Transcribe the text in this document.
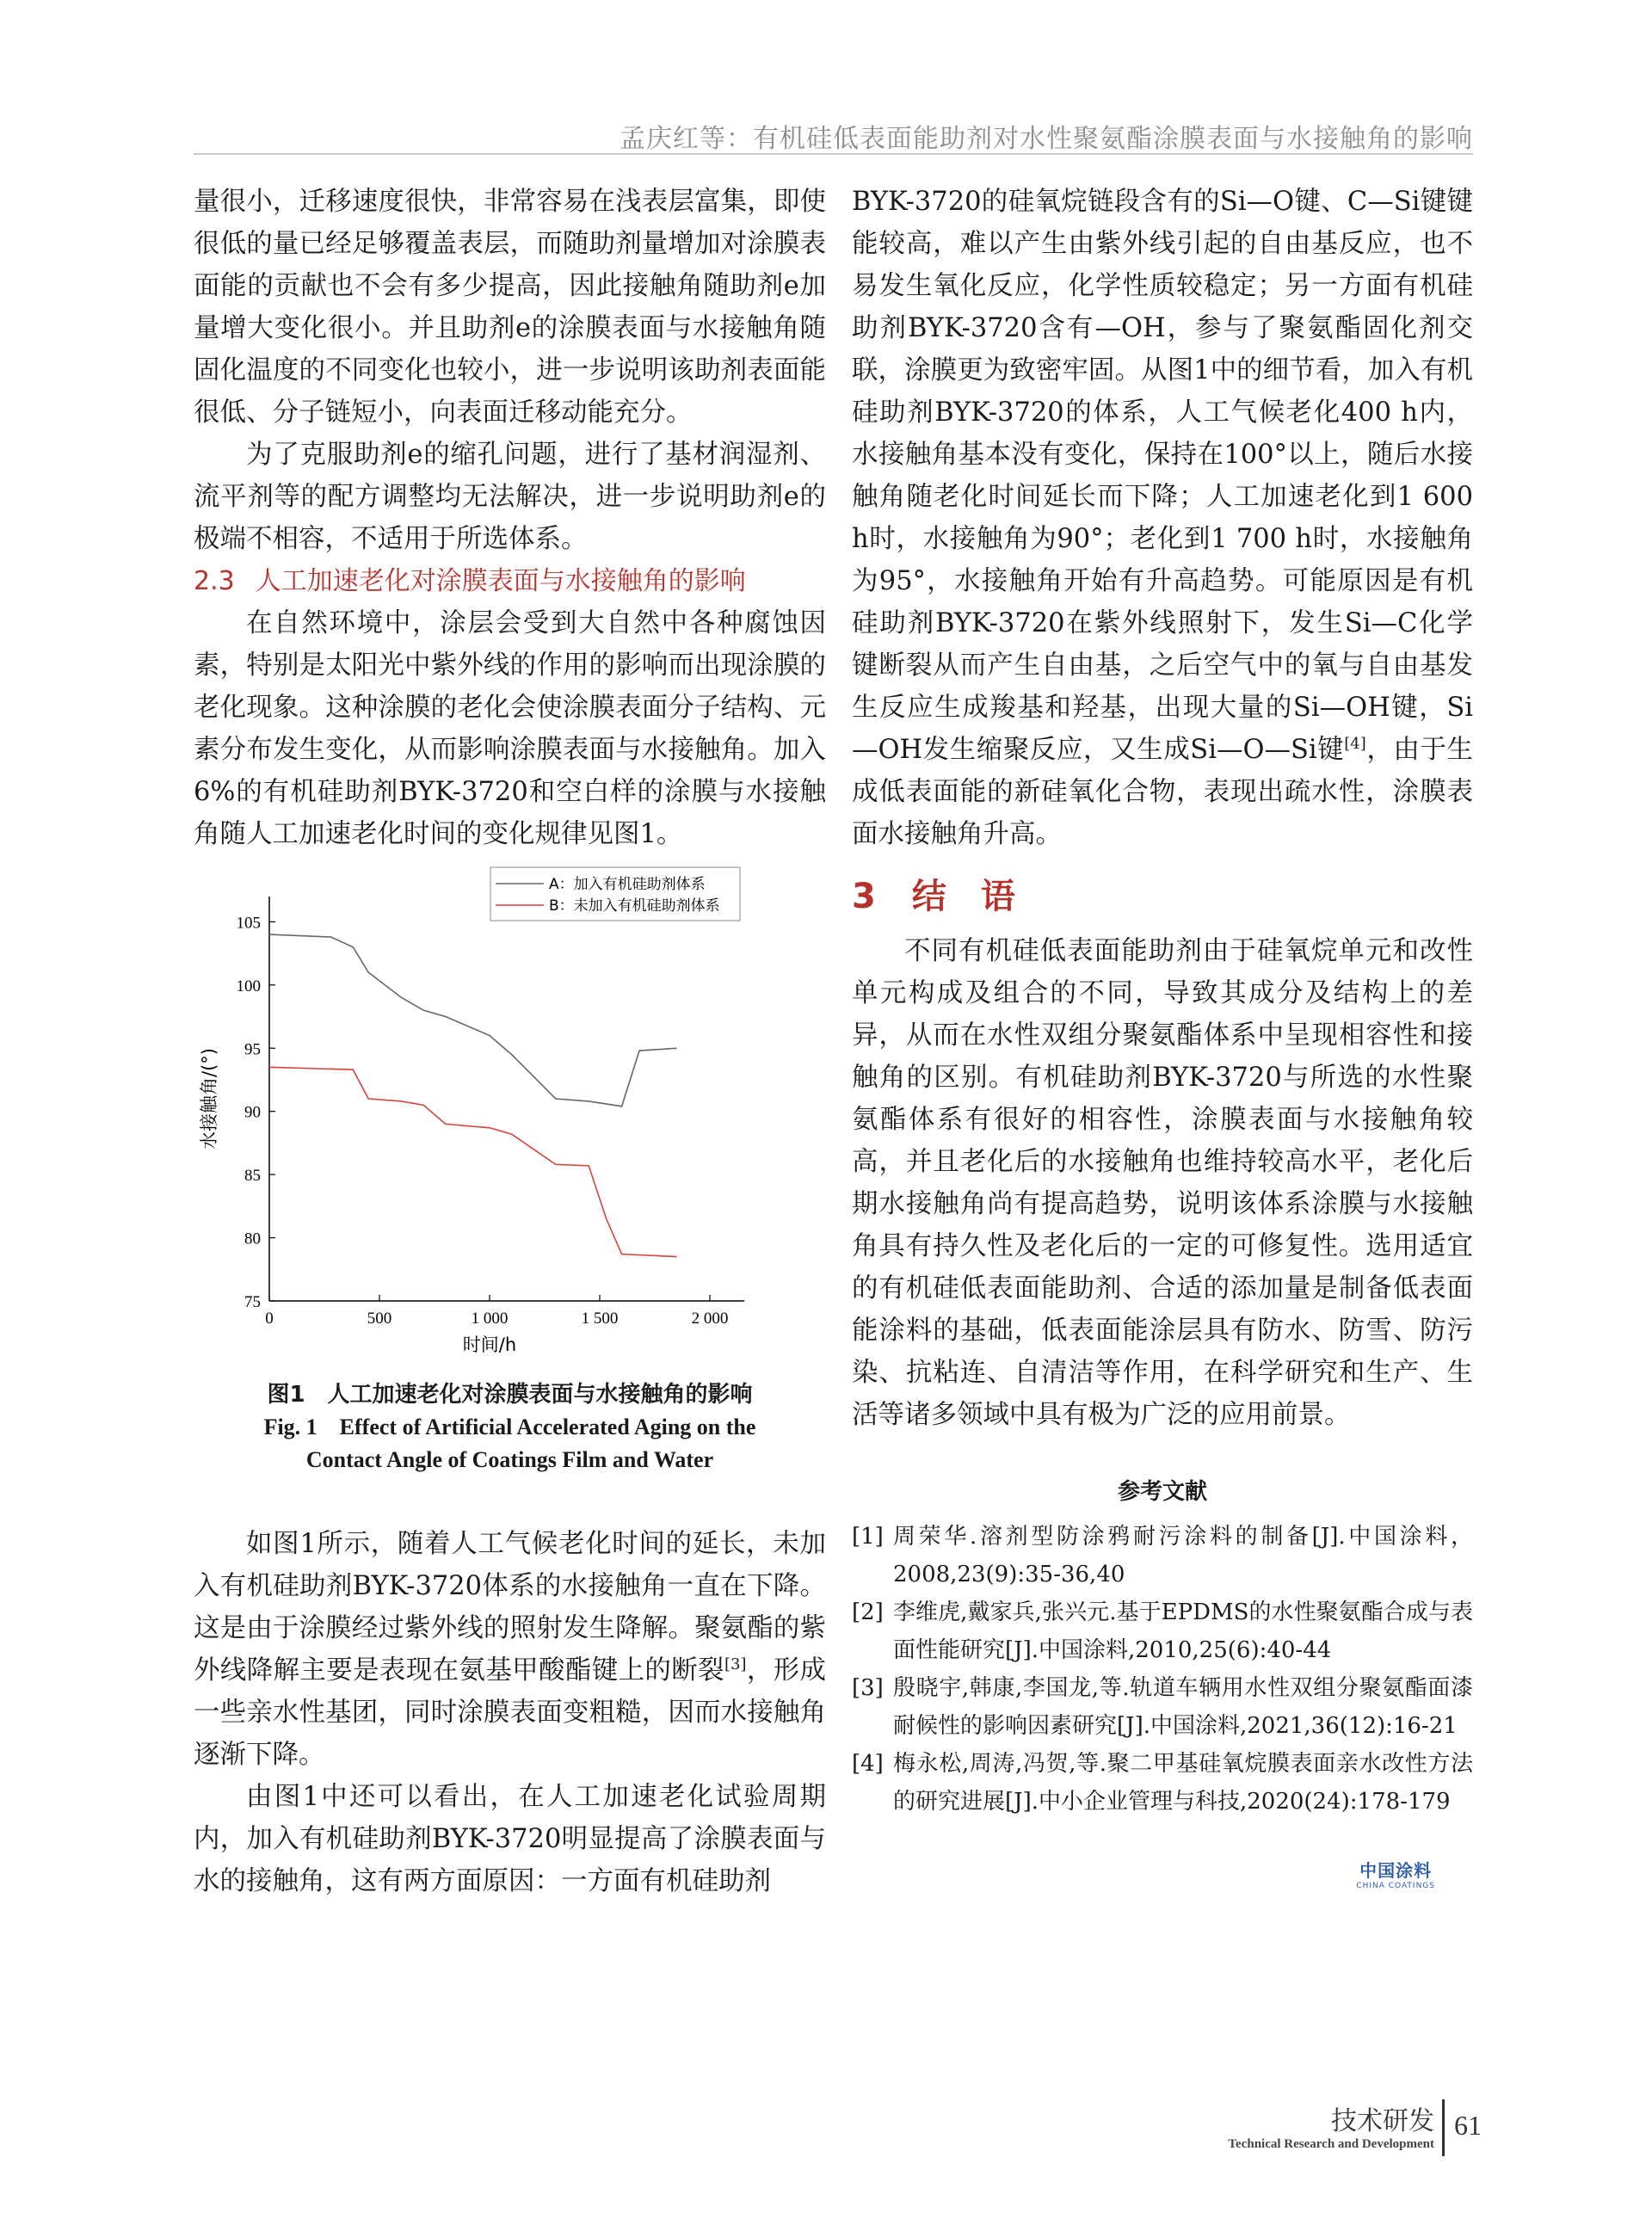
孟庆红等：有机硅低表面能助剂对水性聚氨酯涂膜表面与水接触角的影响

量很小，迁移速度很快，非常容易在浅表层富集，即使很低的量已经足够覆盖表层，而随助剂量增加对涂膜表面能的贡献也不会有多少提高，因此接触角随助剂e加量增大变化很小。并且助剂e的涂膜表面与水接触角随固化温度的不同变化也较小，进一步说明该助剂表面能很低、分子链短小，向表面迁移动能充分。

为了克服助剂e的缩孔问题，进行了基材润湿剂、流平剂等的配方调整均无法解决，进一步说明助剂e的极端不相容，不适用于所选体系。

2.3 人工加速老化对涂膜表面与水接触角的影响

在自然环境中，涂层会受到大自然中各种腐蚀因素，特别是太阳光中紫外线的作用的影响而出现涂膜的老化现象。这种涂膜的老化会使涂膜表面分子结构、元素分布发生变化，从而影响涂膜表面与水接触角。加入6%的有机硅助剂BYK-3720和空白样的涂膜与水接触角随人工加速老化时间的变化规律见图1。

75
80
85
90
95
100
105
0	500	1 000	1 500	2 000
时间/h
水接触角/(°)
A：加入有机硅助剂体系
B：未加入有机硅助剂体系
图1　人工加速老化对涂膜表面与水接触角的影响
Fig. 1　Effect of Artificial Accelerated Aging on the Contact Angle of Coatings Film and Water

如图1所示，随着人工气候老化时间的延长，未加入有机硅助剂BYK-3720体系的水接触角一直在下降。这是由于涂膜经过紫外线的照射发生降解。聚氨酯的紫外线降解主要是表现在氨基甲酸酯键上的断裂[3]，形成一些亲水性基团，同时涂膜表面变粗糙，因而水接触角逐渐下降。

由图1中还可以看出，在人工加速老化试验周期内，加入有机硅助剂BYK-3720明显提高了涂膜表面与水的接触角，这有两方面原因：一方面有机硅助剂

BYK-3720的硅氧烷链段含有的Si—O键、C—Si键键能较高，难以产生由紫外线引起的自由基反应，也不易发生氧化反应，化学性质较稳定；另一方面有机硅助剂BYK-3720含有—OH，参与了聚氨酯固化剂交联，涂膜更为致密牢固。从图1中的细节看，加入有机硅助剂BYK-3720的体系，人工气候老化400 h内，水接触角基本没有变化，保持在100°以上，随后水接触角随老化时间延长而下降；人工加速老化到1 600 h时，水接触角为90°；老化到1 700 h时，水接触角为95°，水接触角开始有升高趋势。可能原因是有机硅助剂BYK-3720在紫外线照射下，发生Si—C化学键断裂从而产生自由基，之后空气中的氧与自由基发生反应生成羧基和羟基，出现大量的Si—OH键，Si—OH发生缩聚反应，又生成Si—O—Si键[4]，由于生成低表面能的新硅氧化合物，表现出疏水性，涂膜表面水接触角升高。

3 结 语

不同有机硅低表面能助剂由于硅氧烷单元和改性单元构成及组合的不同，导致其成分及结构上的差异，从而在水性双组分聚氨酯体系中呈现相容性和接触角的区别。有机硅助剂BYK-3720与所选的水性聚氨酯体系有很好的相容性，涂膜表面与水接触角较高，并且老化后的水接触角也维持较高水平，老化后期水接触角尚有提高趋势，说明该体系涂膜与水接触角具有持久性及老化后的一定的可修复性。选用适宜的有机硅低表面能助剂、合适的添加量是制备低表面能涂料的基础，低表面能涂层具有防水、防雪、防污染、抗粘连、自清洁等作用，在科学研究和生产、生活等诸多领域中具有极为广泛的应用前景。

参考文献

[1] 周荣华.溶剂型防涂鸦耐污涂料的制备[J].中国涂料，2008,23(9):35-36,40

[2] 李维虎,戴家兵,张兴元.基于EPDMS的水性聚氨酯合成与表面性能研究[J].中国涂料,2010,25(6):40-44

[3] 殷晓宇,韩康,李国龙,等.轨道车辆用水性双组分聚氨酯面漆耐候性的影响因素研究[J].中国涂料,2021,36(12):16-21

[4] 梅永松,周涛,冯贺,等.聚二甲基硅氧烷膜表面亲水改性方法的研究进展[J].中小企业管理与科技,2020(24):178-179

中国涂料
CHINA COATINGS
技术研发
Technical Research and Development
61
